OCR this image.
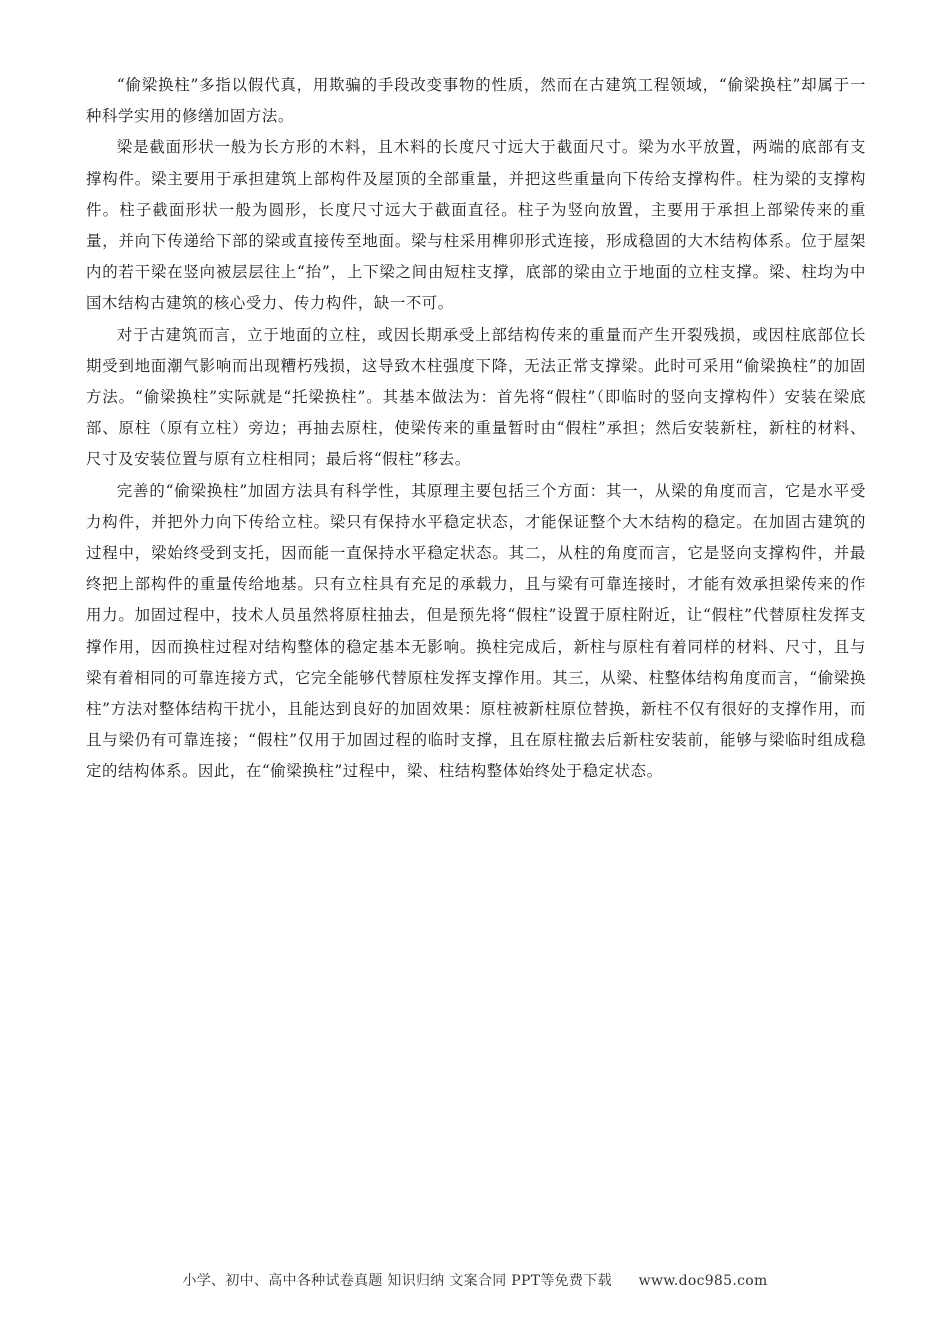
“偷梁换柱”多指以假代真，用欺骗的手段改变事物的性质，然而在古建筑工程领域，“偷梁换柱”却属于一种科学实用的修缮加固方法。

梁是截面形状一般为长方形的木料，且木料的长度尺寸远大于截面尺寸。梁为水平放置，两端的底部有支撑构件。梁主要用于承担建筑上部构件及屋顶的全部重量，并把这些重量向下传给支撑构件。柱为梁的支撑构件。柱子截面形状一般为圆形，长度尺寸远大于截面直径。柱子为竖向放置，主要用于承担上部梁传来的重量，并向下传递给下部的梁或直接传至地面。梁与柱采用榫卯形式连接，形成稳固的大木结构体系。位于屋架内的若干梁在竖向被层层往上“抬”，上下梁之间由短柱支撑，底部的梁由立于地面的立柱支撑。梁、柱均为中国木结构古建筑的核心受力、传力构件，缺一不可。

对于古建筑而言，立于地面的立柱，或因长期承受上部结构传来的重量而产生开裂残损，或因柱底部位长期受到地面潮气影响而出现糟朽残损，这导致木柱强度下降，无法正常支撑梁。此时可采用“偷梁换柱”的加固方法。“偷梁换柱”实际就是“托梁换柱”。其基本做法为：首先将“假柱”（即临时的竖向支撑构件）安装在梁底部、原柱（原有立柱）旁边；再抽去原柱，使梁传来的重量暂时由“假柱”承担；然后安装新柱，新柱的材料、尺寸及安装位置与原有立柱相同；最后将“假柱”移去。

完善的“偷梁换柱”加固方法具有科学性，其原理主要包括三个方面：其一，从梁的角度而言，它是水平受力构件，并把外力向下传给立柱。梁只有保持水平稳定状态，才能保证整个大木结构的稳定。在加固古建筑的过程中，梁始终受到支托，因而能一直保持水平稳定状态。其二，从柱的角度而言，它是竖向支撑构件，并最终把上部构件的重量传给地基。只有立柱具有充足的承载力，且与梁有可靠连接时，才能有效承担梁传来的作用力。加固过程中，技术人员虽然将原柱抽去，但是预先将“假柱”设置于原柱附近，让“假柱”代替原柱发挥支撑作用，因而换柱过程对结构整体的稳定基本无影响。换柱完成后，新柱与原柱有着同样的材料、尺寸，且与梁有着相同的可靠连接方式，它完全能够代替原柱发挥支撑作用。其三，从梁、柱整体结构角度而言，“偷梁换柱”方法对整体结构干扰小，且能达到良好的加固效果：原柱被新柱原位替换，新柱不仅有很好的支撑作用，而且与梁仍有可靠连接；“假柱”仅用于加固过程的临时支撑，且在原柱撤去后新柱安装前，能够与梁临时组成稳定的结构体系。因此，在“偷梁换柱”过程中，梁、柱结构整体始终处于稳定状态。

小学、初中、高中各种试卷真题 知识归纳 文案合同 PPT等免费下载 www.doc985.com
